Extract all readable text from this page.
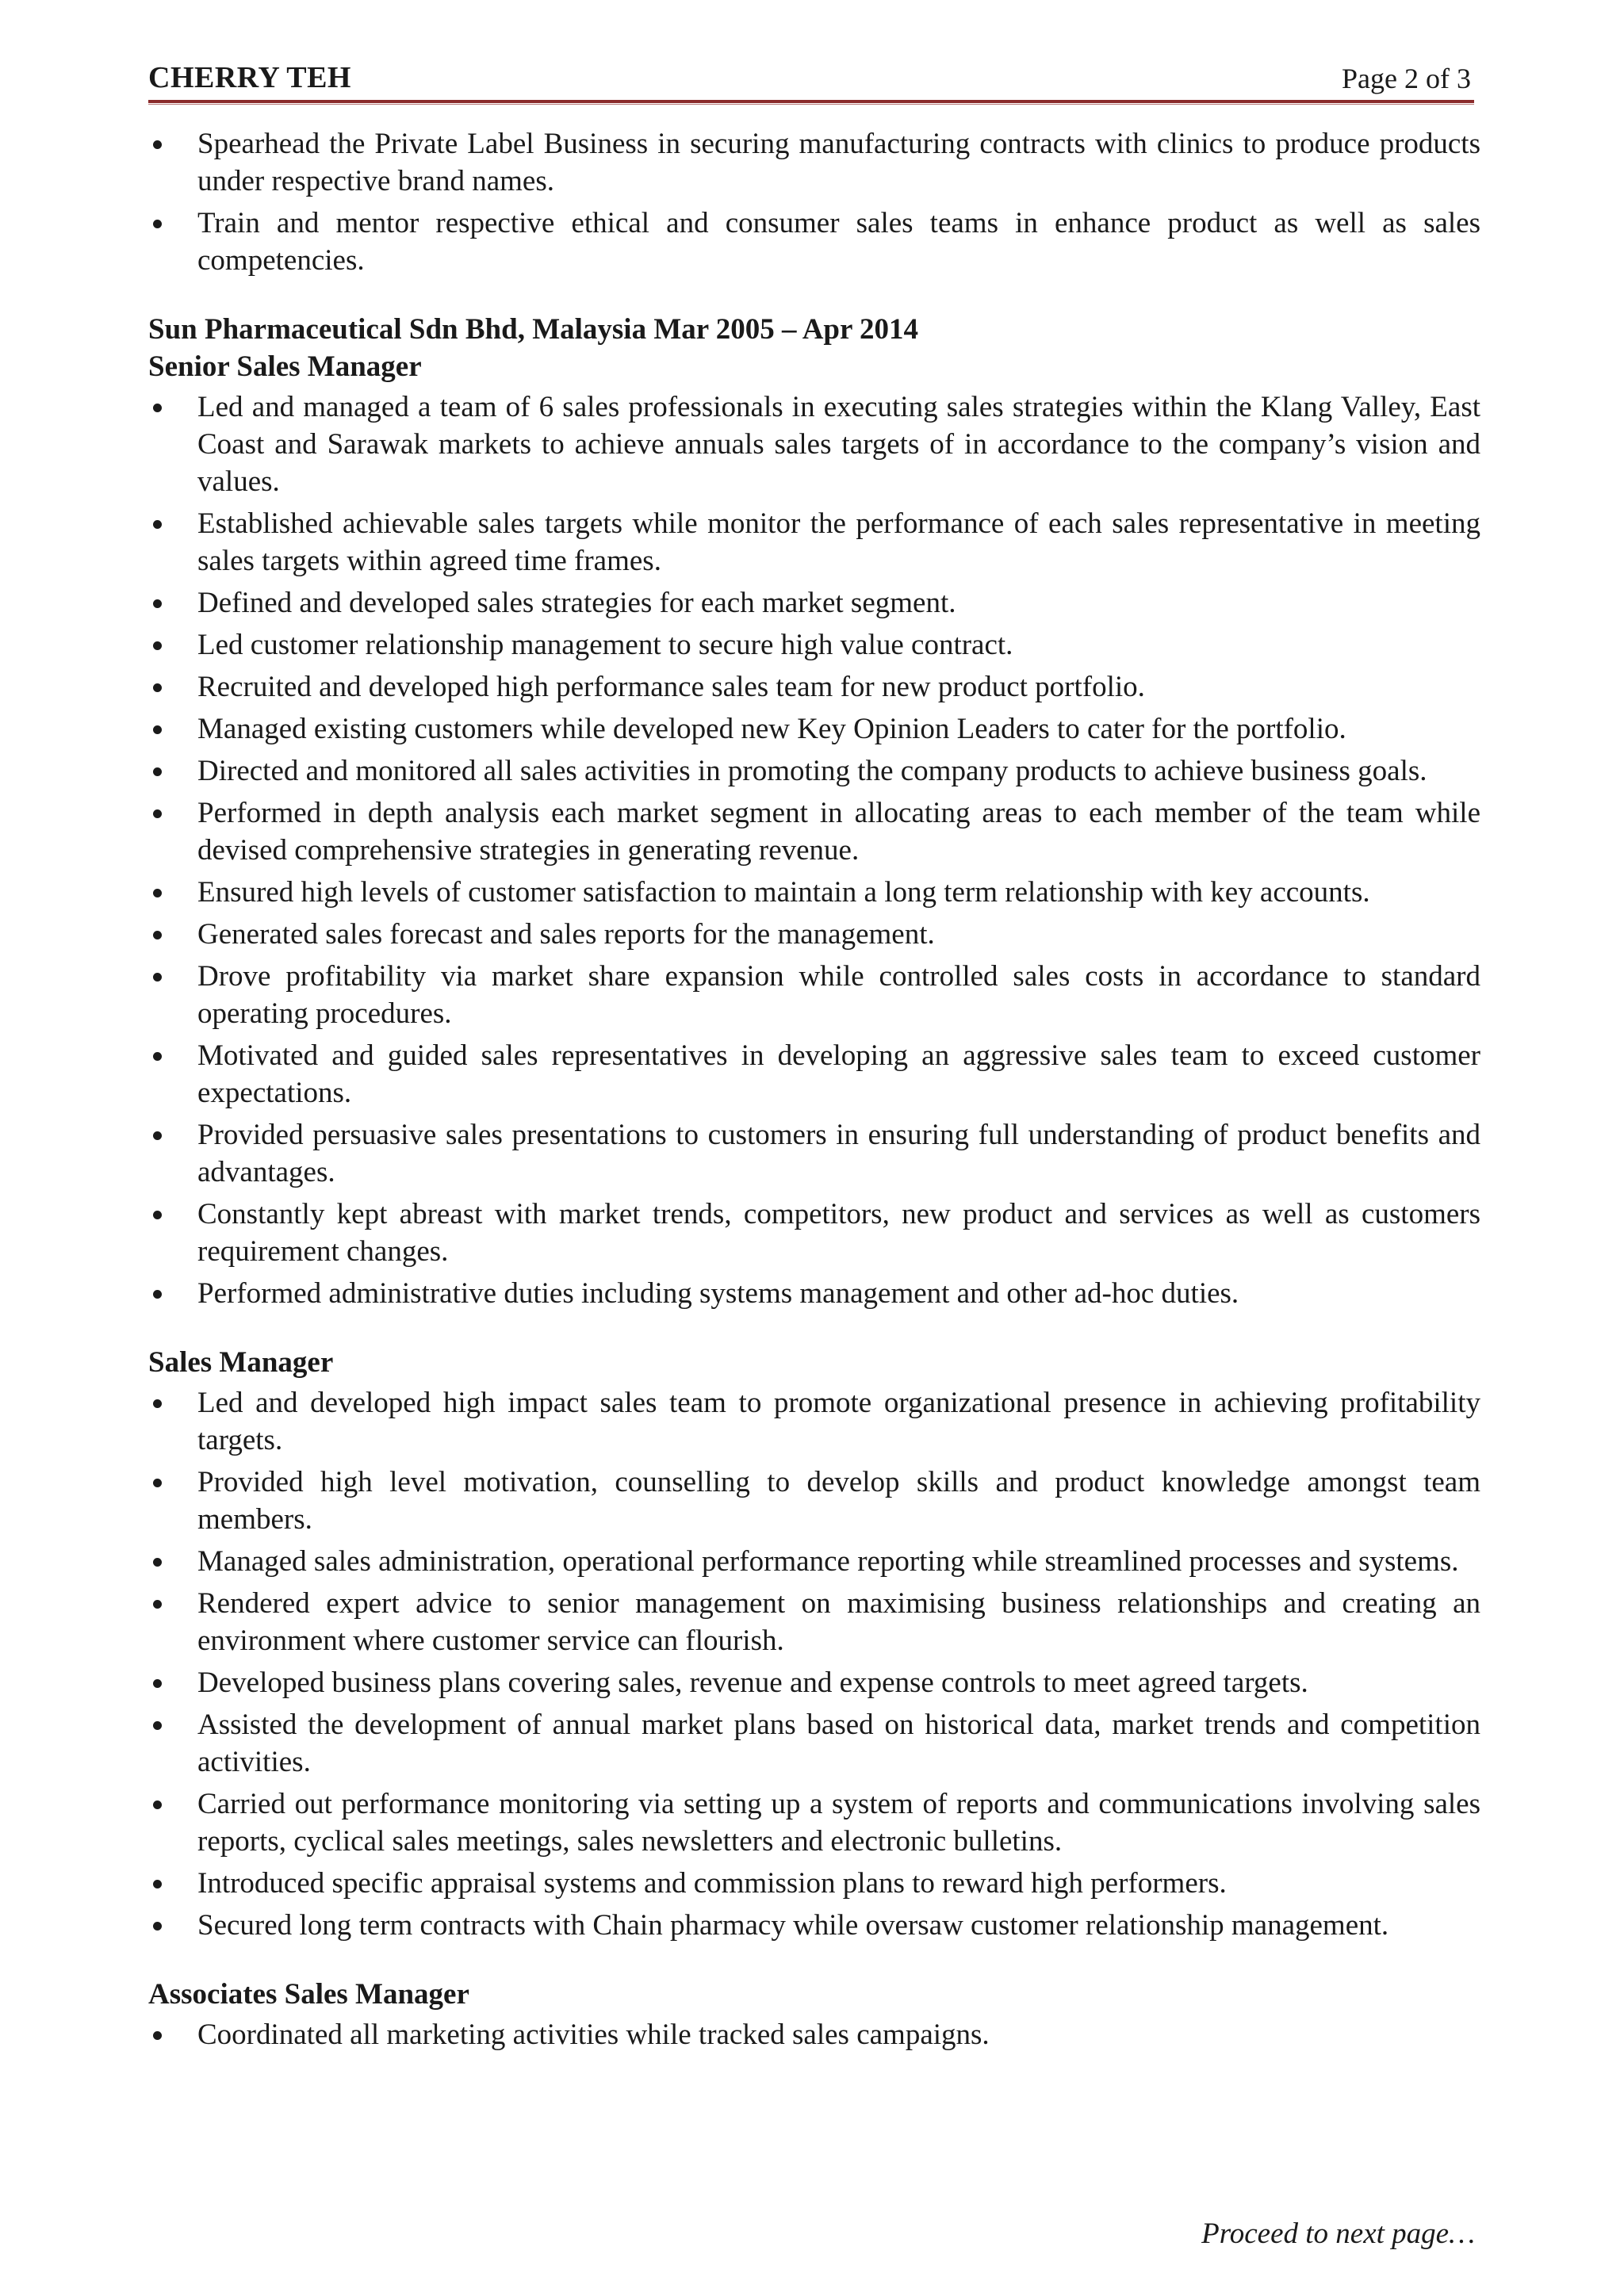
CHERRY TEH	Page 2 of 3
Spearhead the Private Label Business in securing manufacturing contracts with clinics to produce products under respective brand names.
Train and mentor respective ethical and consumer sales teams in enhance product as well as sales competencies.
Sun Pharmaceutical Sdn Bhd, Malaysia Mar 2005 – Apr 2014
Senior Sales Manager
Led and managed a team of 6 sales professionals in executing sales strategies within the Klang Valley, East Coast and Sarawak markets to achieve annuals sales targets of in accordance to the company’s vision and values.
Established achievable sales targets while monitor the performance of each sales representative in meeting sales targets within agreed time frames.
Defined and developed sales strategies for each market segment.
Led customer relationship management to secure high value contract.
Recruited and developed high performance sales team for new product portfolio.
Managed existing customers while developed new Key Opinion Leaders to cater for the portfolio.
Directed and monitored all sales activities in promoting the company products to achieve business goals.
Performed in depth analysis each market segment in allocating areas to each member of the team while devised comprehensive strategies in generating revenue.
Ensured high levels of customer satisfaction to maintain a long term relationship with key accounts.
Generated sales forecast and sales reports for the management.
Drove profitability via market share expansion while controlled sales costs in accordance to standard operating procedures.
Motivated and guided sales representatives in developing an aggressive sales team to exceed customer expectations.
Provided persuasive sales presentations to customers in ensuring full understanding of product benefits and advantages.
Constantly kept abreast with market trends, competitors, new product and services as well as customers requirement changes.
Performed administrative duties including systems management and other ad-hoc duties.
Sales Manager
Led and developed high impact sales team to promote organizational presence in achieving profitability targets.
Provided high level motivation, counselling to develop skills and product knowledge amongst team members.
Managed sales administration, operational performance reporting while streamlined processes and systems.
Rendered expert advice to senior management on maximising business relationships and creating an environment where customer service can flourish.
Developed business plans covering sales, revenue and expense controls to meet agreed targets.
Assisted the development of annual market plans based on historical data, market trends and competition activities.
Carried out performance monitoring via setting up a system of reports and communications involving sales reports, cyclical sales meetings, sales newsletters and electronic bulletins.
Introduced specific appraisal systems and commission plans to reward high performers.
Secured long term contracts with Chain pharmacy while oversaw customer relationship management.
Associates Sales Manager
Coordinated all marketing activities while tracked sales campaigns.
Proceed to next page…
